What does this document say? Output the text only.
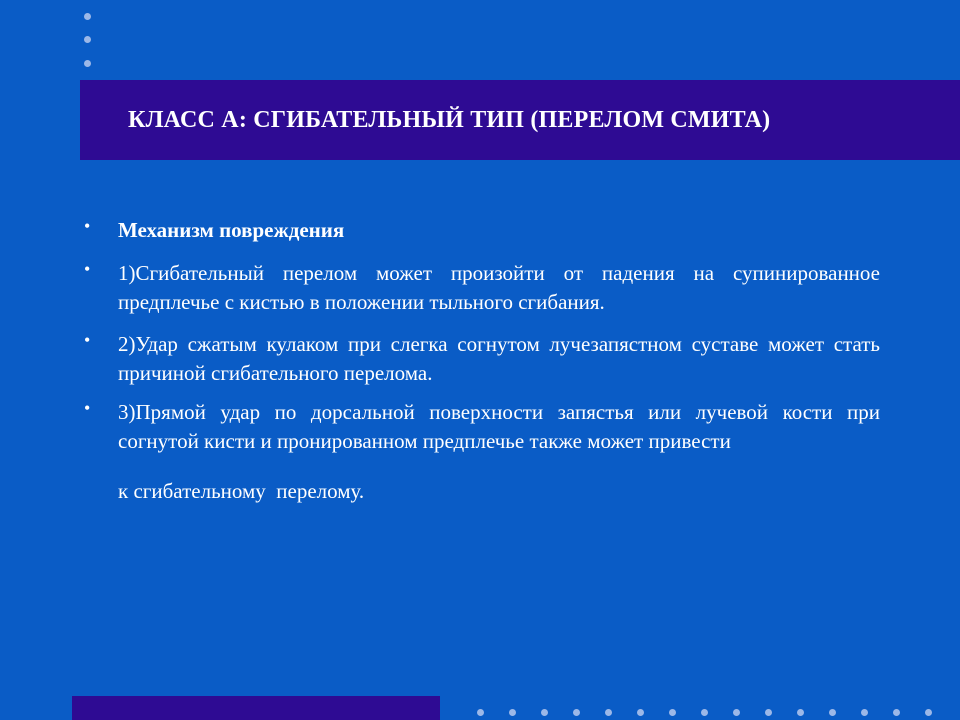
КЛАСС А: СГИБАТЕЛЬНЫЙ ТИП (ПЕРЕЛОМ СМИТА)
• Механизм повреждения
• 1)Сгибательный перелом может произойти от падения на супинированное предплечье с кистью в положении тыльного сгибания.
• 2)Удар сжатым кулаком при слегка согнутом лучезапястном суставе может стать причиной сгибательного перелома.
• 3)Прямой удар по дорсальной поверхности запястья или лучевой кости при согнутой кисти и пронированном предплечье также может привести
к сгибательному  перелому.
